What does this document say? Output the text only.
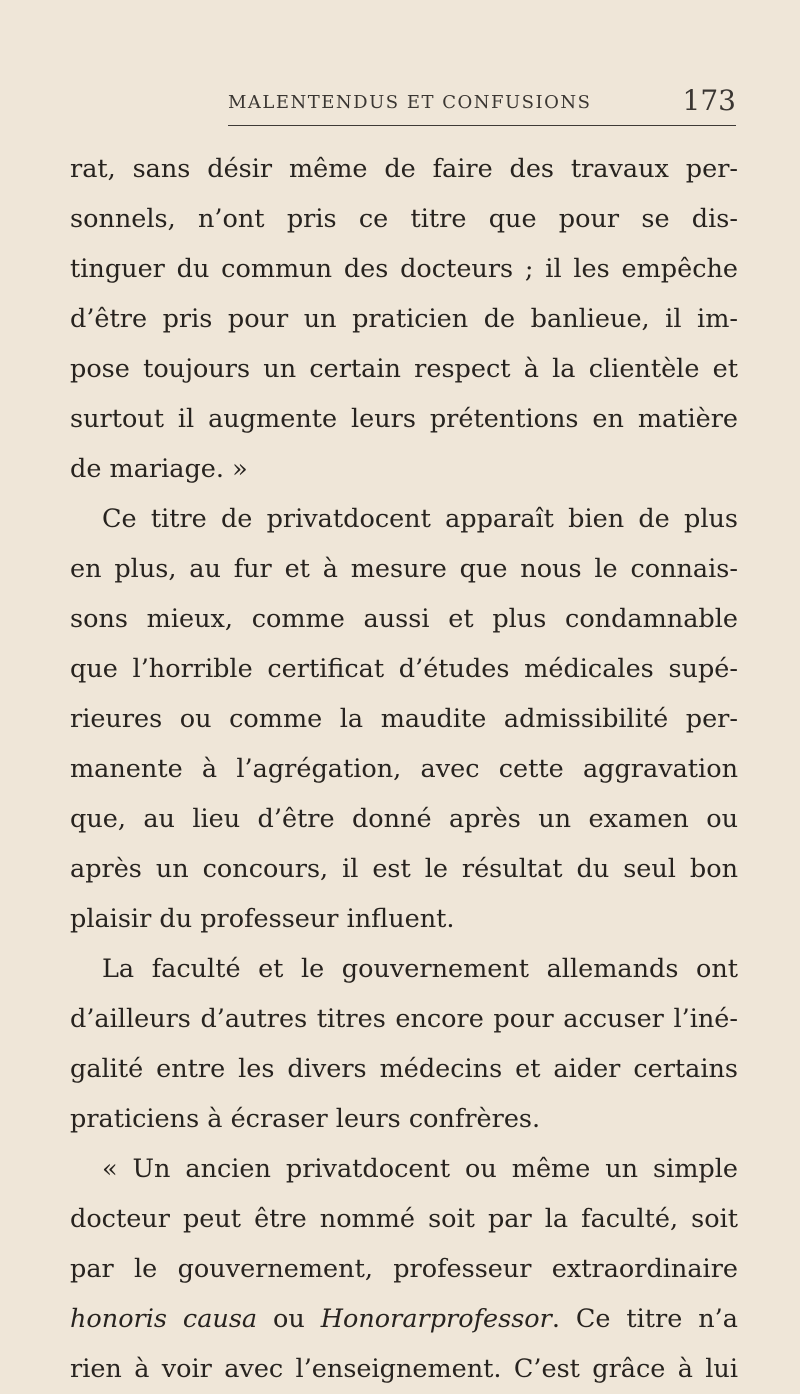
MALENTENDUS ET CONFUSIONS	173
rat, sans désir même de faire des travaux per-
sonnels, n’ont pris ce titre que pour se dis-
tinguer du commun des docteurs ; il les empêche
d’être pris pour un praticien de banlieue, il im-
pose toujours un certain respect à la clientèle et
surtout il augmente leurs prétentions en matière
de mariage. »
Ce titre de privatdocent apparaît bien de plus
en plus, au fur et à mesure que nous le connais-
sons mieux, comme aussi et plus condamnable
que l’horrible certificat d’études médicales supé-
rieures ou comme la maudite admissibilité per-
manente à l’agrégation, avec cette aggravation
que, au lieu d’être donné après un examen ou
après un concours, il est le résultat du seul bon
plaisir du professeur influent.
La faculté et le gouvernement allemands ont
d’ailleurs d’autres titres encore pour accuser l’iné-
galité entre les divers médecins et aider certains
praticiens à écraser leurs confrères.
« Un ancien privatdocent ou même un simple
docteur peut être nommé soit par la faculté, soit
par le gouvernement, professeur extraordinaire
honoris causa ou Honorarprofessor. Ce titre n’a
rien à voir avec l’enseignement. C’est grâce à lui
